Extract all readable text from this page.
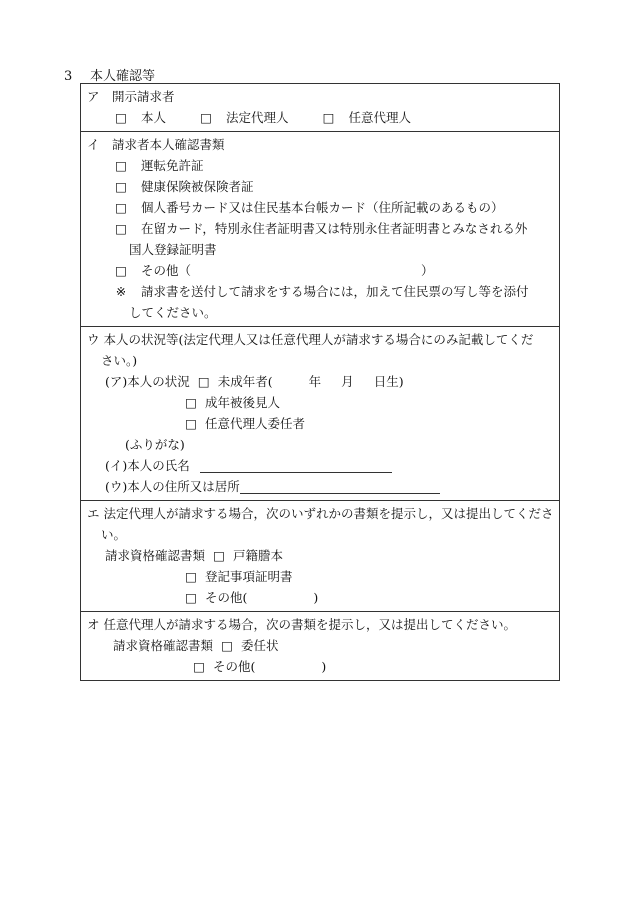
3 本人確認等
ア　開示請求者
□ 本人	□ 法定代理人	□ 任意代理人
イ　請求者本人確認書類
□ 運転免許証
□ 健康保険被保険者証
□ 個人番号カード又は住民基本台帳カード（住所記載のあるもの）
□ 在留カード，特別永住者証明書又は特別永住者証明書とみなされる外
国人登録証明書
□ その他（	）
※ 請求書を送付して請求をする場合には，加えて住民票の写し等を添付
してください。
ウ 本人の状況等(法定代理人又は任意代理人が請求する場合にのみ記載してくだ
さい。)
(ア)本人の状況 □ 未成年者(	年 月 日生)
□ 成年被後見人
□ 任意代理人委任者
(ふりがな)
(イ)本人の氏名
(ウ)本人の住所又は居所
エ 法定代理人が請求する場合，次のいずれかの書類を提示し，又は提出してくださ
い。
請求資格確認書類 □ 戸籍謄本
□ 登記事項証明書
□ その他(	)
オ 任意代理人が請求する場合，次の書類を提示し，又は提出してください。
請求資格確認書類 □ 委任状
□ その他(	)
